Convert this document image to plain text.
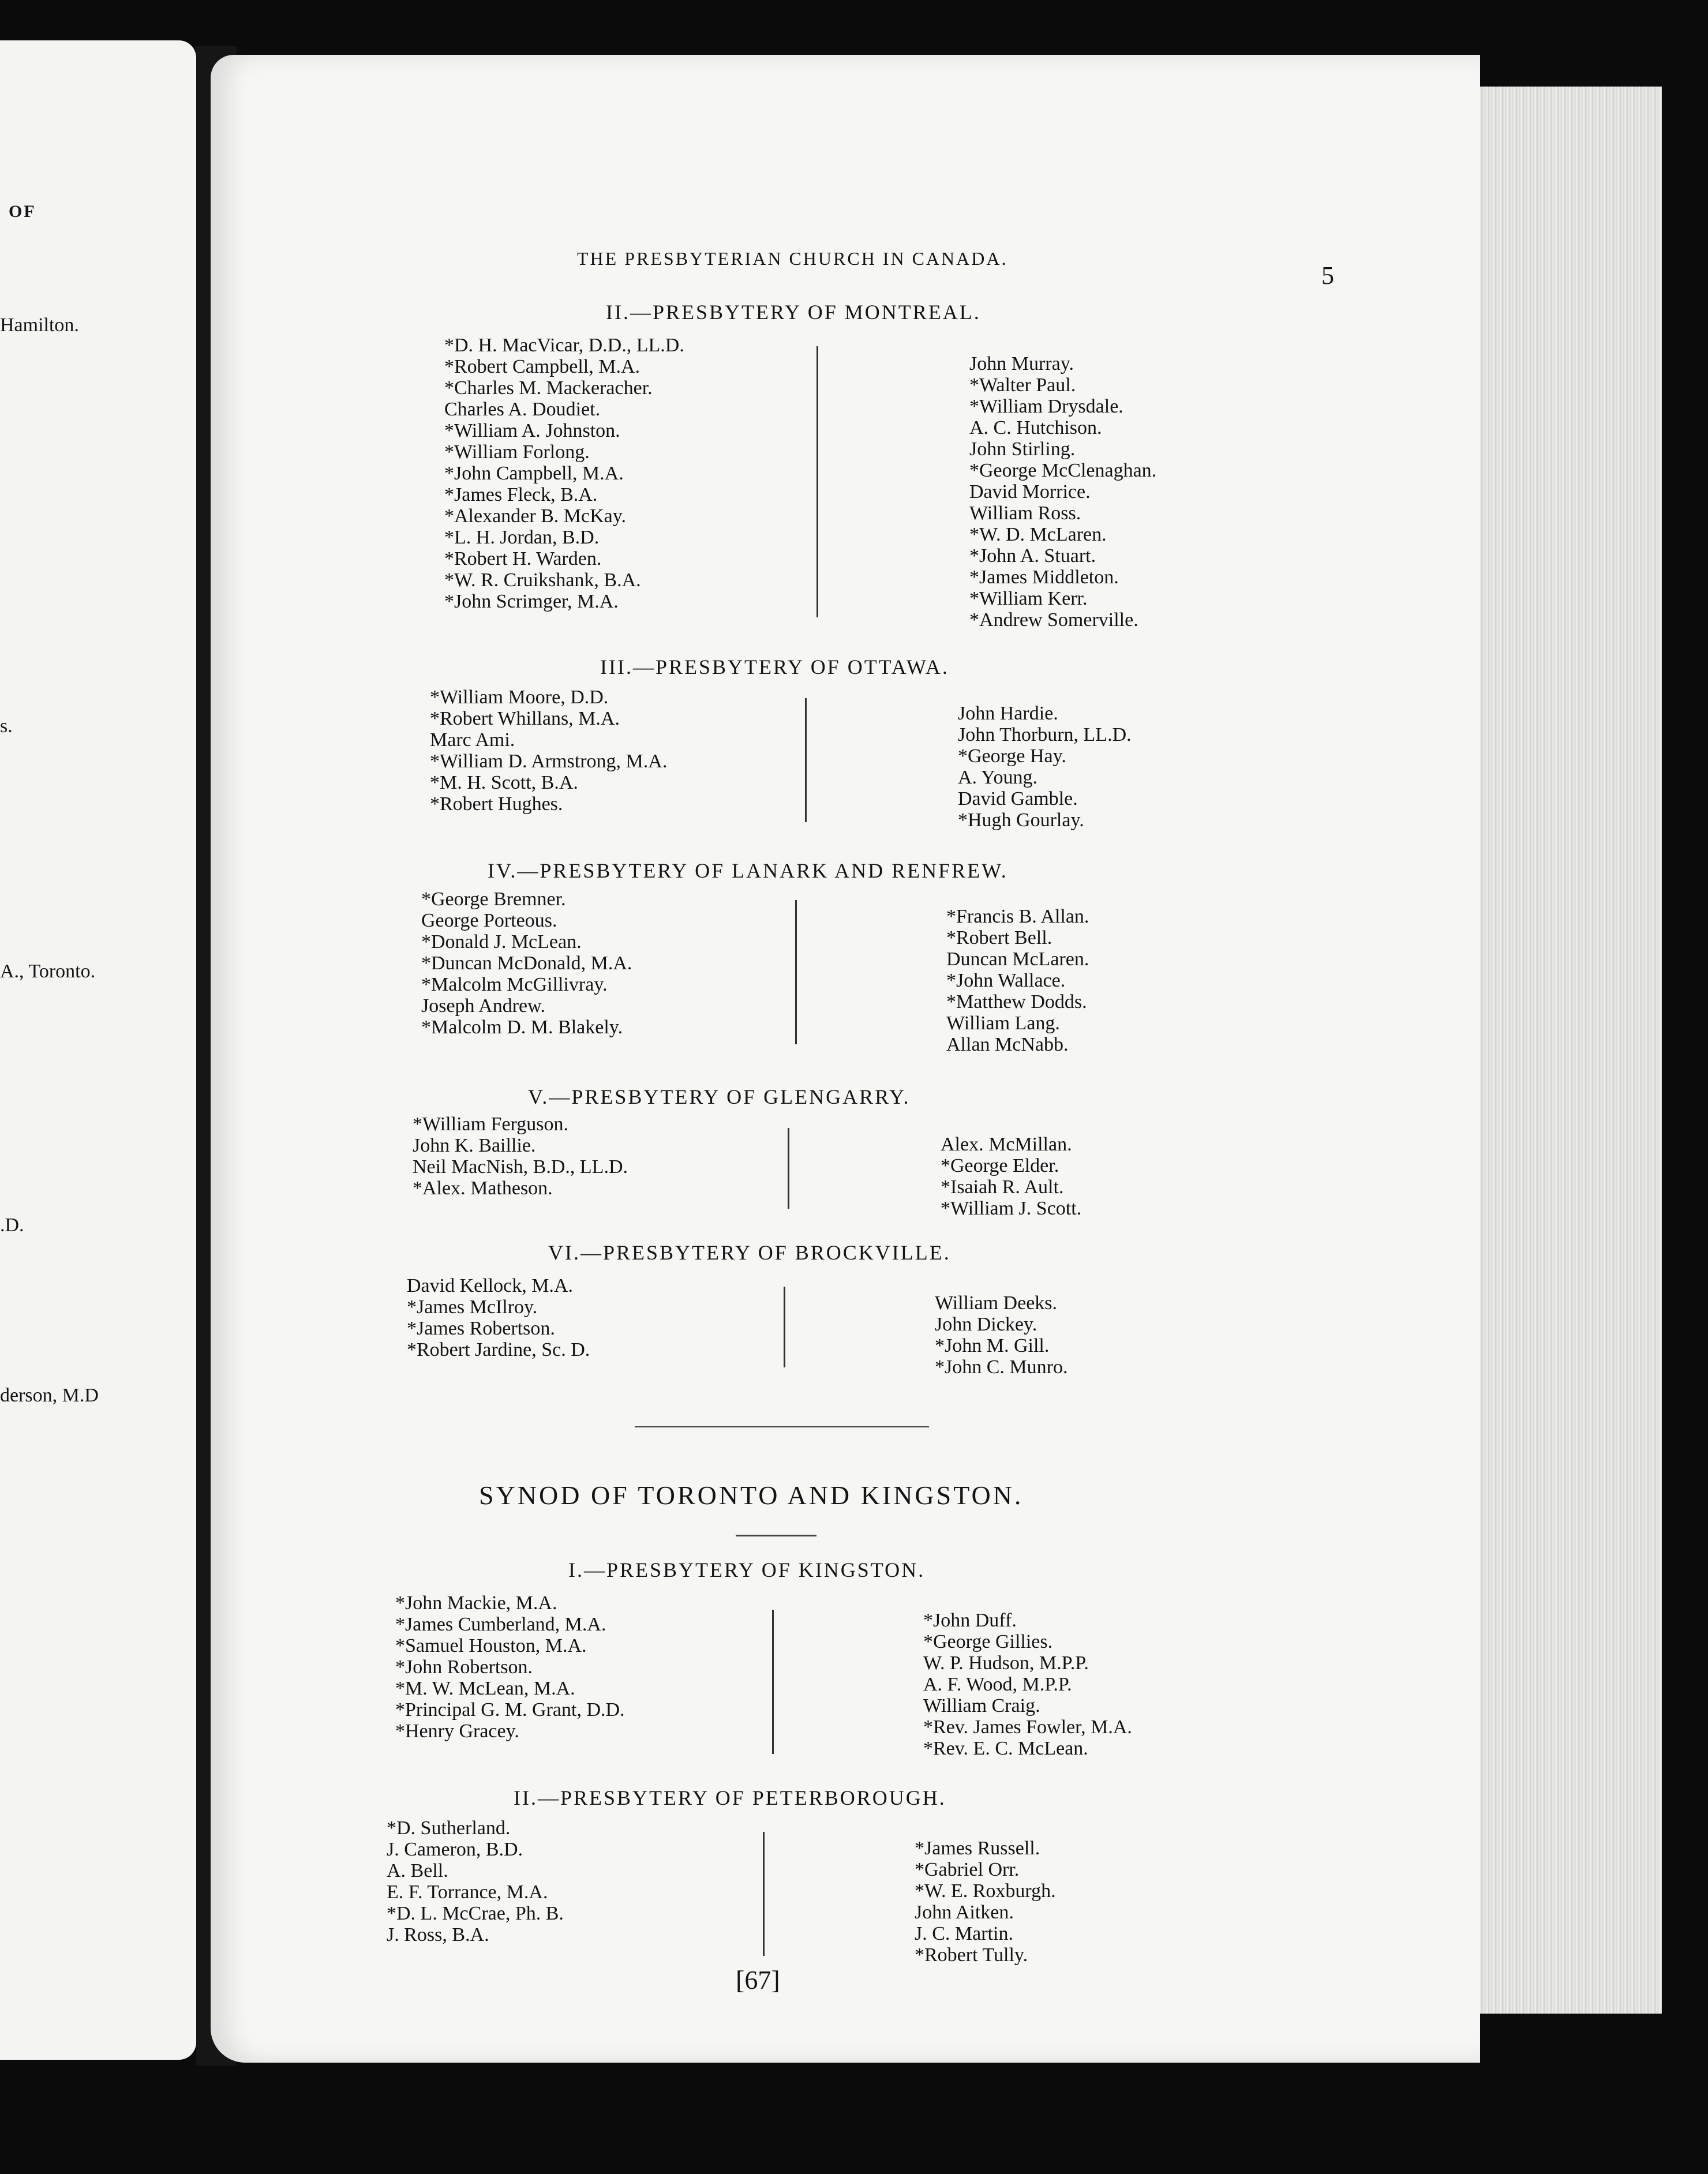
OF
Hamilton.
s.
A., Toronto.
.D.
derson, M.D
THE PRESBYTERIAN CHURCH IN CANADA.
5
II.—PRESBYTERY OF MONTREAL.
*D. H. MacVicar, D.D., LL.D.
*Robert Campbell, M.A.
*Charles M. Mackeracher.
Charles A. Doudiet.
*William A. Johnston.
*William Forlong.
*John Campbell, M.A.
*James Fleck, B.A.
*Alexander B. McKay.
*L. H. Jordan, B.D.
*Robert H. Warden.
*W. R. Cruikshank, B.A.
*John Scrimger, M.A.
John Murray.
*Walter Paul.
*William Drysdale.
A. C. Hutchison.
John Stirling.
*George McClenaghan.
David Morrice.
William Ross.
*W. D. McLaren.
*John A. Stuart.
*James Middleton.
*William Kerr.
*Andrew Somerville.
III.—PRESBYTERY OF OTTAWA.
*William Moore, D.D.
*Robert Whillans, M.A.
Marc Ami.
*William D. Armstrong, M.A.
*M. H. Scott, B.A.
*Robert Hughes.
John Hardie.
John Thorburn, LL.D.
*George Hay.
A. Young.
David Gamble.
*Hugh Gourlay.
IV.—PRESBYTERY OF LANARK AND RENFREW.
*George Bremner.
George Porteous.
*Donald J. McLean.
*Duncan McDonald, M.A.
*Malcolm McGillivray.
Joseph Andrew.
*Malcolm D. M. Blakely.
*Francis B. Allan.
*Robert Bell.
Duncan McLaren.
*John Wallace.
*Matthew Dodds.
William Lang.
Allan McNabb.
V.—PRESBYTERY OF GLENGARRY.
*William Ferguson.
John K. Baillie.
Neil MacNish, B.D., LL.D.
*Alex. Matheson.
Alex. McMillan.
*George Elder.
*Isaiah R. Ault.
*William J. Scott.
VI.—PRESBYTERY OF BROCKVILLE.
David Kellock, M.A.
*James McIlroy.
*James Robertson.
*Robert Jardine, Sc. D.
William Deeks.
John Dickey.
*John M. Gill.
*John C. Munro.
SYNOD OF TORONTO AND KINGSTON.
I.—PRESBYTERY OF KINGSTON.
*John Mackie, M.A.
*James Cumberland, M.A.
*Samuel Houston, M.A.
*John Robertson.
*M. W. McLean, M.A.
*Principal G. M. Grant, D.D.
*Henry Gracey.
*John Duff.
*George Gillies.
W. P. Hudson, M.P.P.
A. F. Wood, M.P.P.
William Craig.
*Rev. James Fowler, M.A.
*Rev. E. C. McLean.
II.—PRESBYTERY OF PETERBOROUGH.
*D. Sutherland.
J. Cameron, B.D.
A. Bell.
E. F. Torrance, M.A.
*D. L. McCrae, Ph. B.
J. Ross, B.A.
*James Russell.
*Gabriel Orr.
*W. E. Roxburgh.
John Aitken.
J. C. Martin.
*Robert Tully.
[67]
